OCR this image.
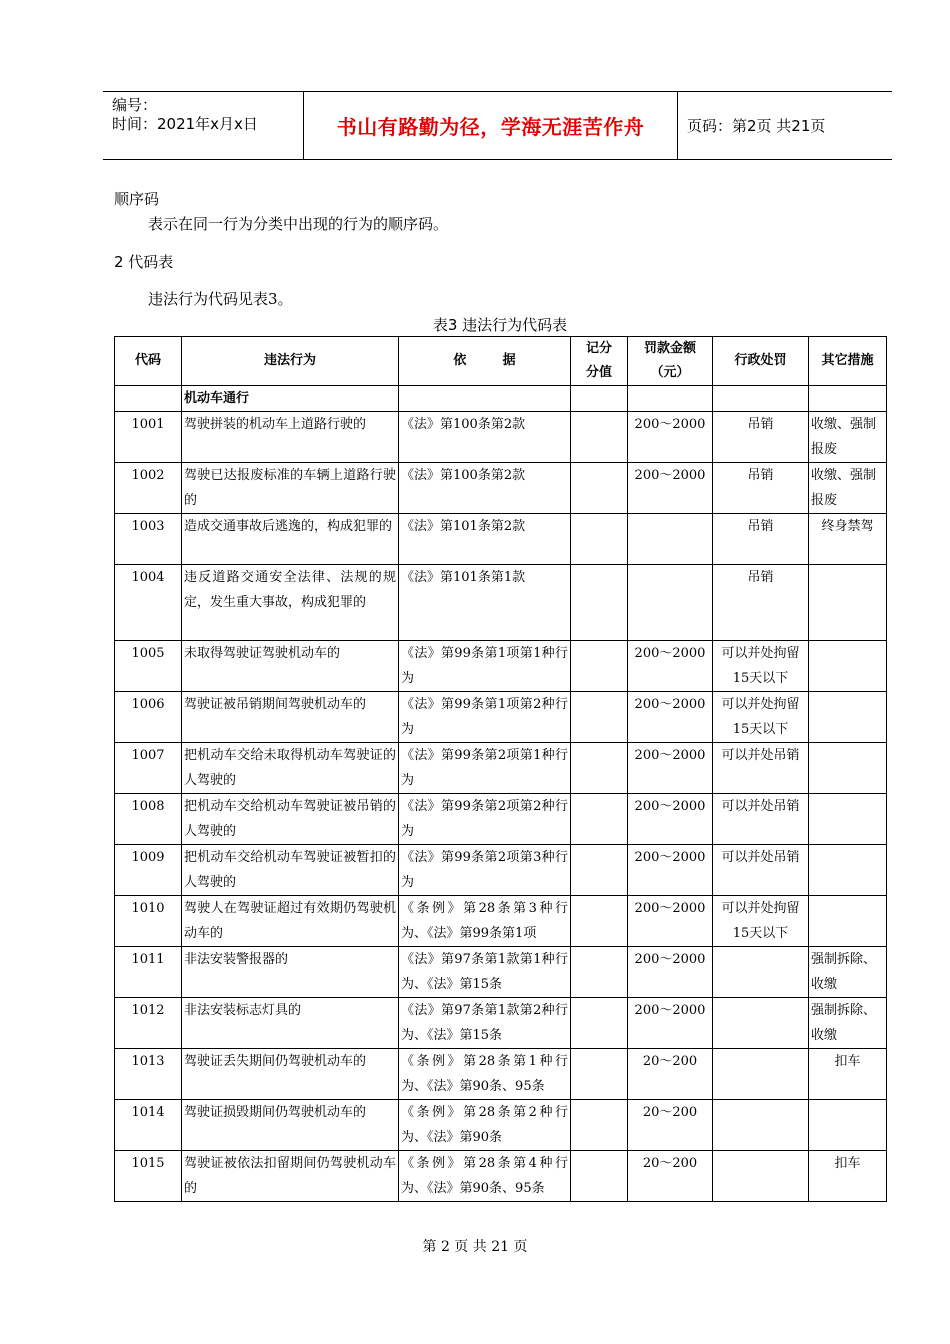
编号：
时间：2021年x月x日	书山有路勤为径，学海无涯苦作舟	页码：第2页 共21页
顺序码
表示在同一行为分类中出现的行为的顺序码。
2 代码表
违法行为代码见表3。
表3 违法行为代码表
代码	违法行为	依        据	记分分值	罚款金额（元）	行政处罚	其它措施
	机动车通行					
1001	驾驶拼装的机动车上道路行驶的	《法》第100条第2款		200～2000	吊销	收缴、强制报废
1002	驾驶已达报废标准的车辆上道路行驶的	《法》第100条第2款		200～2000	吊销	收缴、强制报废
1003	造成交通事故后逃逸的，构成犯罪的	《法》第101条第2款			吊销	终身禁驾
1004	违反道路交通安全法律、法规的规定，发生重大事故，构成犯罪的	《法》第101条第1款			吊销	
1005	未取得驾驶证驾驶机动车的	《法》第99条第1项第1种行为		200～2000	可以并处拘留15天以下	
1006	驾驶证被吊销期间驾驶机动车的	《法》第99条第1项第2种行为		200～2000	可以并处拘留15天以下	
1007	把机动车交给未取得机动车驾驶证的人驾驶的	《法》第99条第2项第1种行为		200～2000	可以并处吊销	
1008	把机动车交给机动车驾驶证被吊销的人驾驶的	《法》第99条第2项第2种行为		200～2000	可以并处吊销	
1009	把机动车交给机动车驾驶证被暂扣的人驾驶的	《法》第99条第2项第3种行为		200～2000	可以并处吊销	
1010	驾驶人在驾驶证超过有效期仍驾驶机动车的	《条例》第28条第3种行为、《法》第99条第1项		200～2000	可以并处拘留15天以下	
1011	非法安装警报器的	《法》第97条第1款第1种行为、《法》第15条		200～2000		强制拆除、收缴
1012	非法安装标志灯具的	《法》第97条第1款第2种行为、《法》第15条		200～2000		强制拆除、收缴
1013	驾驶证丢失期间仍驾驶机动车的	《条例》第28条第1种行为、《法》第90条、95条		20～200		扣车
1014	驾驶证损毁期间仍驾驶机动车的	《条例》第28条第2种行为、《法》第90条		20～200		
1015	驾驶证被依法扣留期间仍驾驶机动车的	《条例》第28条第4种行为、《法》第90条、95条		20～200		扣车
第 2 页 共 21 页
